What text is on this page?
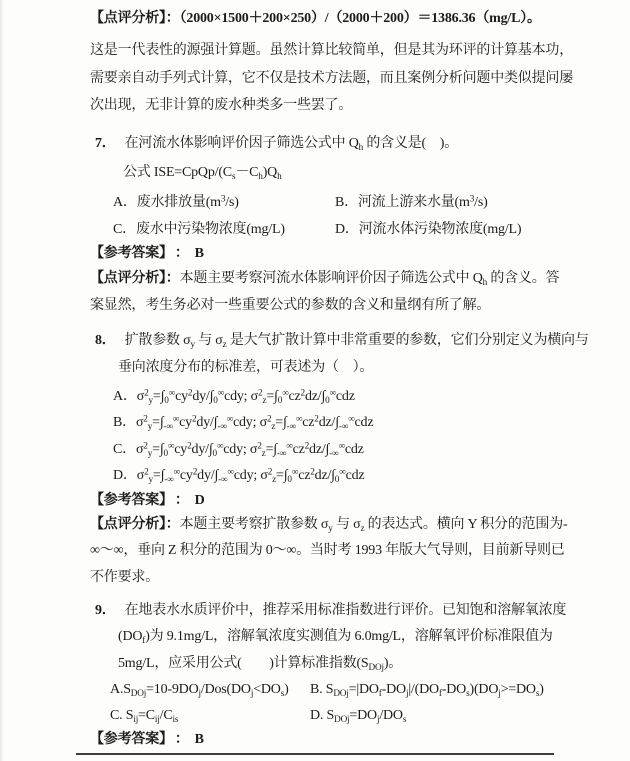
【点评分析】：（2000×1500＋200×250）/（2000＋200）＝1386.36（mg/L）。
这是一代表性的源强计算题。虽然计算比较简单，但是其为环评的计算基本功，
需要亲自动手列式计算，它不仅是技术方法题，而且案例分析问题中类似提问屡
次出现，无非计算的废水种类多一些罢了。
7． 在河流水体影响评价因子筛选公式中 $Q_h$ 的含义是(　)。
公式 $ISE=CpQp/(C_s-C_h)Q_h$
A．废水排放量$(m^3/s)$	B．河流上游来水量$(m^3/s)$
C．废水中污染物浓度(mg/L)	D．河流水体污染物浓度(mg/L)
【参考答案】 ： B
【点评分析】：本题主要考察河流水体影响评价因子筛选公式中 $Q_h$ 的含义。答
案显然，考生务必对一些重要公式的参数的含义和量纲有所了解。
8． 扩散参数 $\sigma_y$ 与 $\sigma_z$ 是大气扩散计算中非常重要的参数，它们分别定义为横向与
垂向浓度分布的标准差，可表述为（　）。
A．$\sigma^2_y=\int_0^\infty cy^2dy/\int_0^\infty cdy$; $\sigma^2_z=\int_0^\infty cz^2dz/\int_0^\infty cdz$
B．$\sigma^2_y=\int_{-\infty}^\infty cy^2dy/\int_{-\infty}^\infty cdy$; $\sigma^2_z=\int_{-\infty}^\infty cz^2dz/\int_{-\infty}^\infty cdz$
C．$\sigma^2_y=\int_0^\infty cy^2dy/\int_0^\infty cdy$; $\sigma^2_z=\int_{-\infty}^\infty cz^2dz/\int_{-\infty}^\infty cdz$
D．$\sigma^2_y=\int_{-\infty}^\infty cy^2dy/\int_{-\infty}^\infty cdy$; $\sigma^2_z=\int_0^\infty cz^2dz/\int_0^\infty cdz$
【参考答案】 ： D
【点评分析】：本题主要考察扩散参数 $\sigma_y$ 与 $\sigma_z$ 的表达式。横向 Y 积分的范围为-
∞～∞，垂向 Z 积分的范围为 0～∞。当时考 1993 年版大气导则，目前新导则已
不作要求。
9． 在地表水水质评价中，推荐采用标准指数进行评价。已知饱和溶解氧浓度
$(DO_f)$为 9.1mg/L，溶解氧浓度实测值为 6.0mg/L，溶解氧评价标准限值为
5mg/L，应采用公式(　　)计算标准指数$(S_{DOj})$。
$A.S_{DOj}=10-9DO_j/Dos(DO_j<DO_s)$	B. $S_{DOj}=|DO_f-DO_j|/(DO_f-DO_s)(DO_j>=DO_s)$
C. $S_{ij}=C_{ij}/C_{is}$	D. $S_{DOj}=DO_j/DO_s$
【参考答案】 ： B
